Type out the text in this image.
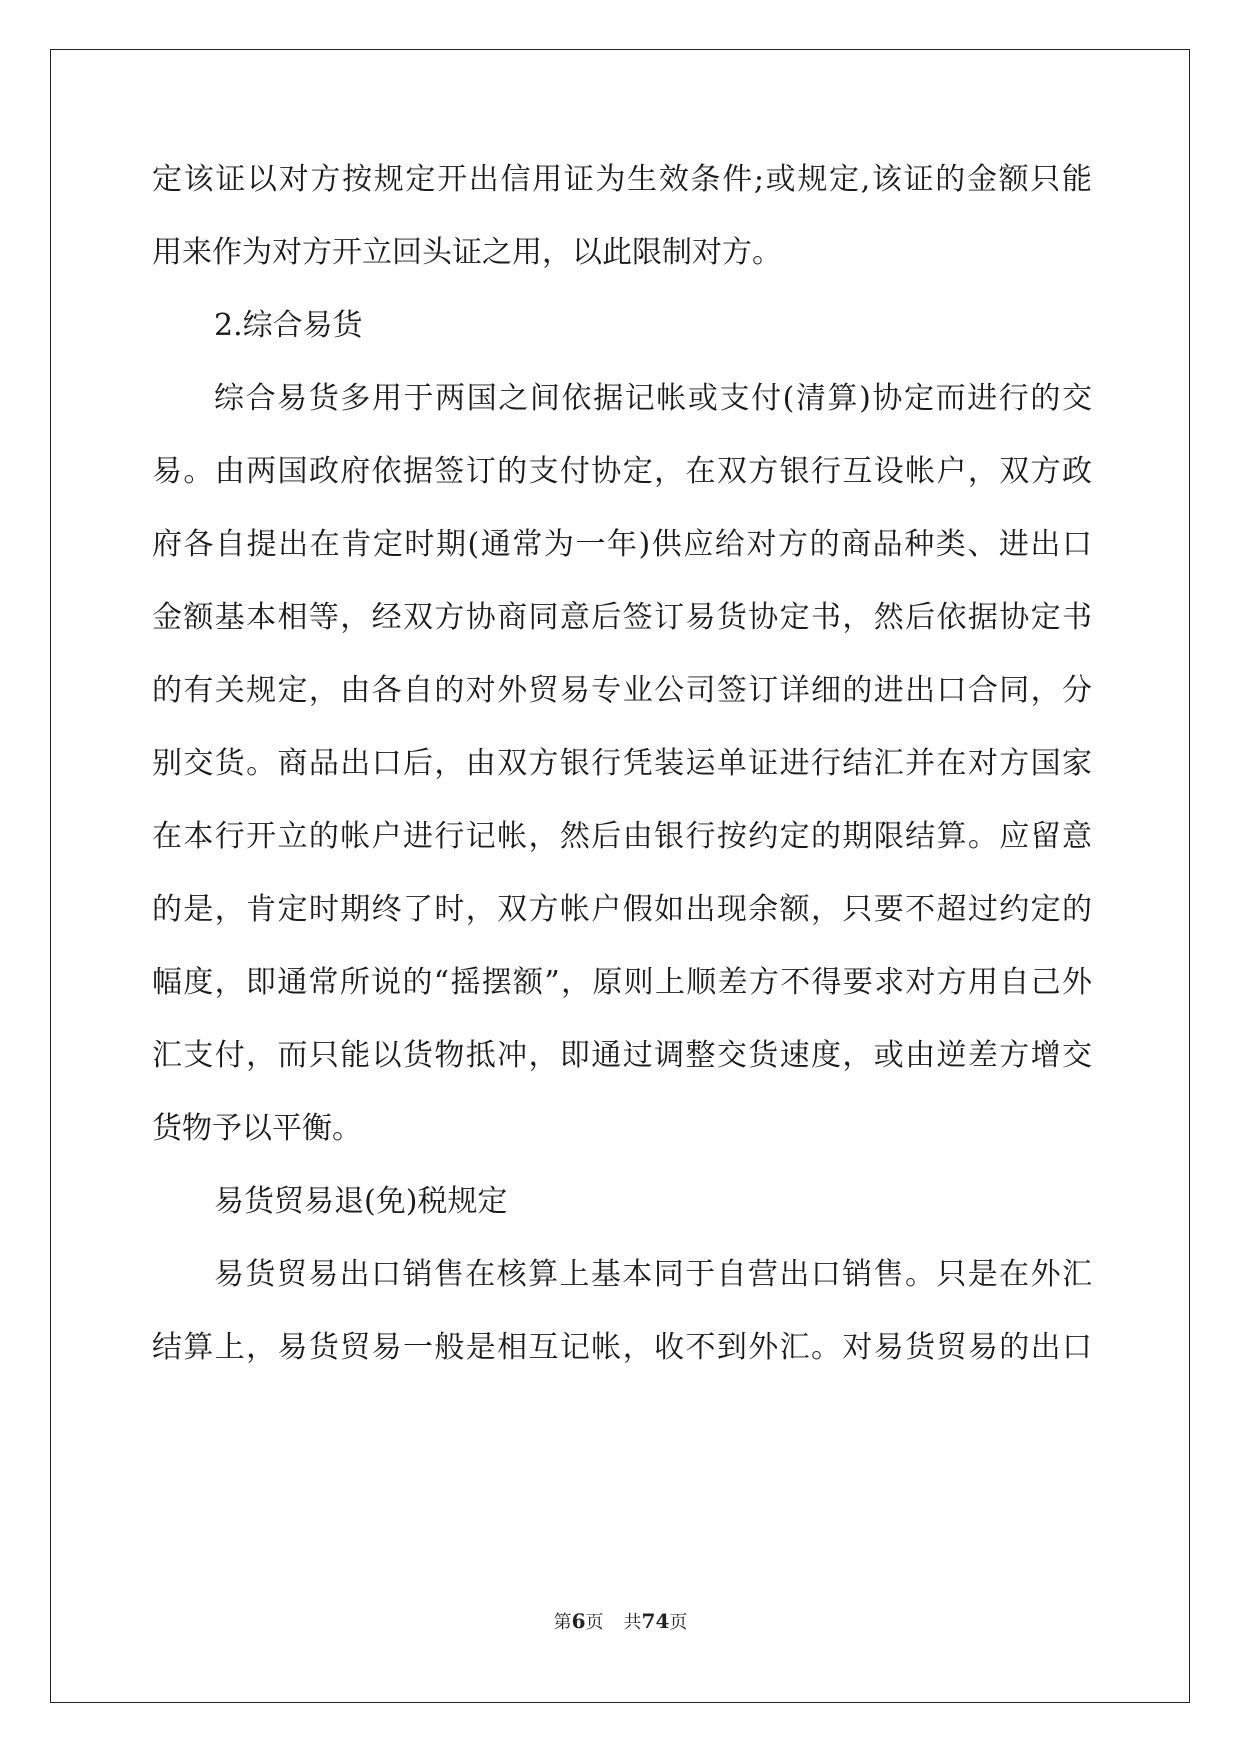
定该证以对方按规定开出信用证为生效条件;或规定,该证的金额只能
用来作为对方开立回头证之用，以此限制对方。
2.综合易货
综合易货多用于两国之间依据记帐或支付(清算)协定而进行的交
易。由两国政府依据签订的支付协定，在双方银行互设帐户，双方政
府各自提出在肯定时期(通常为一年)供应给对方的商品种类、进出口
金额基本相等，经双方协商同意后签订易货协定书，然后依据协定书
的有关规定，由各自的对外贸易专业公司签订详细的进出口合同，分
别交货。商品出口后，由双方银行凭装运单证进行结汇并在对方国家
在本行开立的帐户进行记帐，然后由银行按约定的期限结算。应留意
的是，肯定时期终了时，双方帐户假如出现余额，只要不超过约定的
幅度，即通常所说的“摇摆额”，原则上顺差方不得要求对方用自己外
汇支付，而只能以货物抵冲，即通过调整交货速度，或由逆差方增交
货物予以平衡。
易货贸易退(免)税规定
易货贸易出口销售在核算上基本同于自营出口销售。只是在外汇
结算上，易货贸易一般是相互记帐，收不到外汇。对易货贸易的出口
第6页 共74页
